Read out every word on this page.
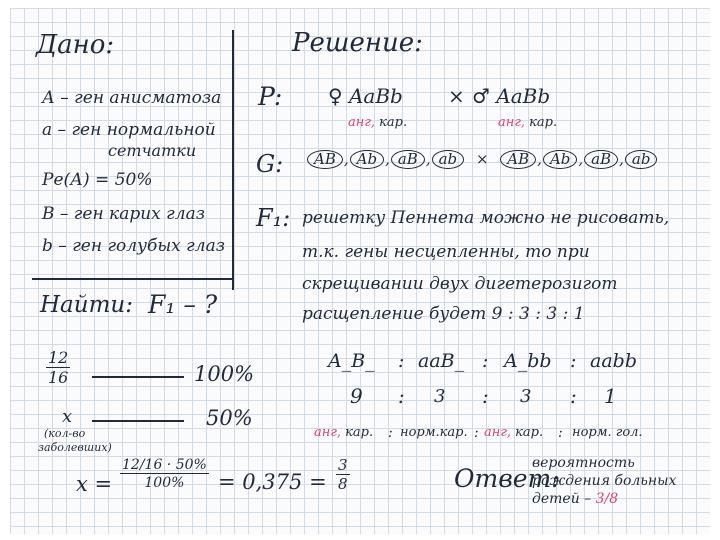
Дано:
А – ген анисматоза
а – ген нормальной
сетчатки
Ре(А) = 50%
В – ген карих глаз
b – ген голубых глаз
Найти: F₁ – ?
$\frac{12}{16}$	100%
x	50%
(кол-во
заболевших)
$x = \frac{12/16 \cdot 50\%}{100\%} = 0,375 = \frac{3}{8}$
Решение:
P: ♀ AaBb × ♂ AaBb
анг, кар.	анг, кар.
G:	AB , Ab , aB , ab × AB , Ab , aB , ab
F₁: решетку Пеннета можно не рисовать,
т.к. гены несцепленны, то при
скрещивании двух дигетерозигот
расщепление будет 9 : 3 : 3 : 1
A_B_ : aaB_ : A_bb : aabb
9 : 3 : 3 : 1
анг, кар. : норм.кар. : анг, кар. : норм. гол.
Ответ:
вероятность
рождения больных
детей – 3/8
